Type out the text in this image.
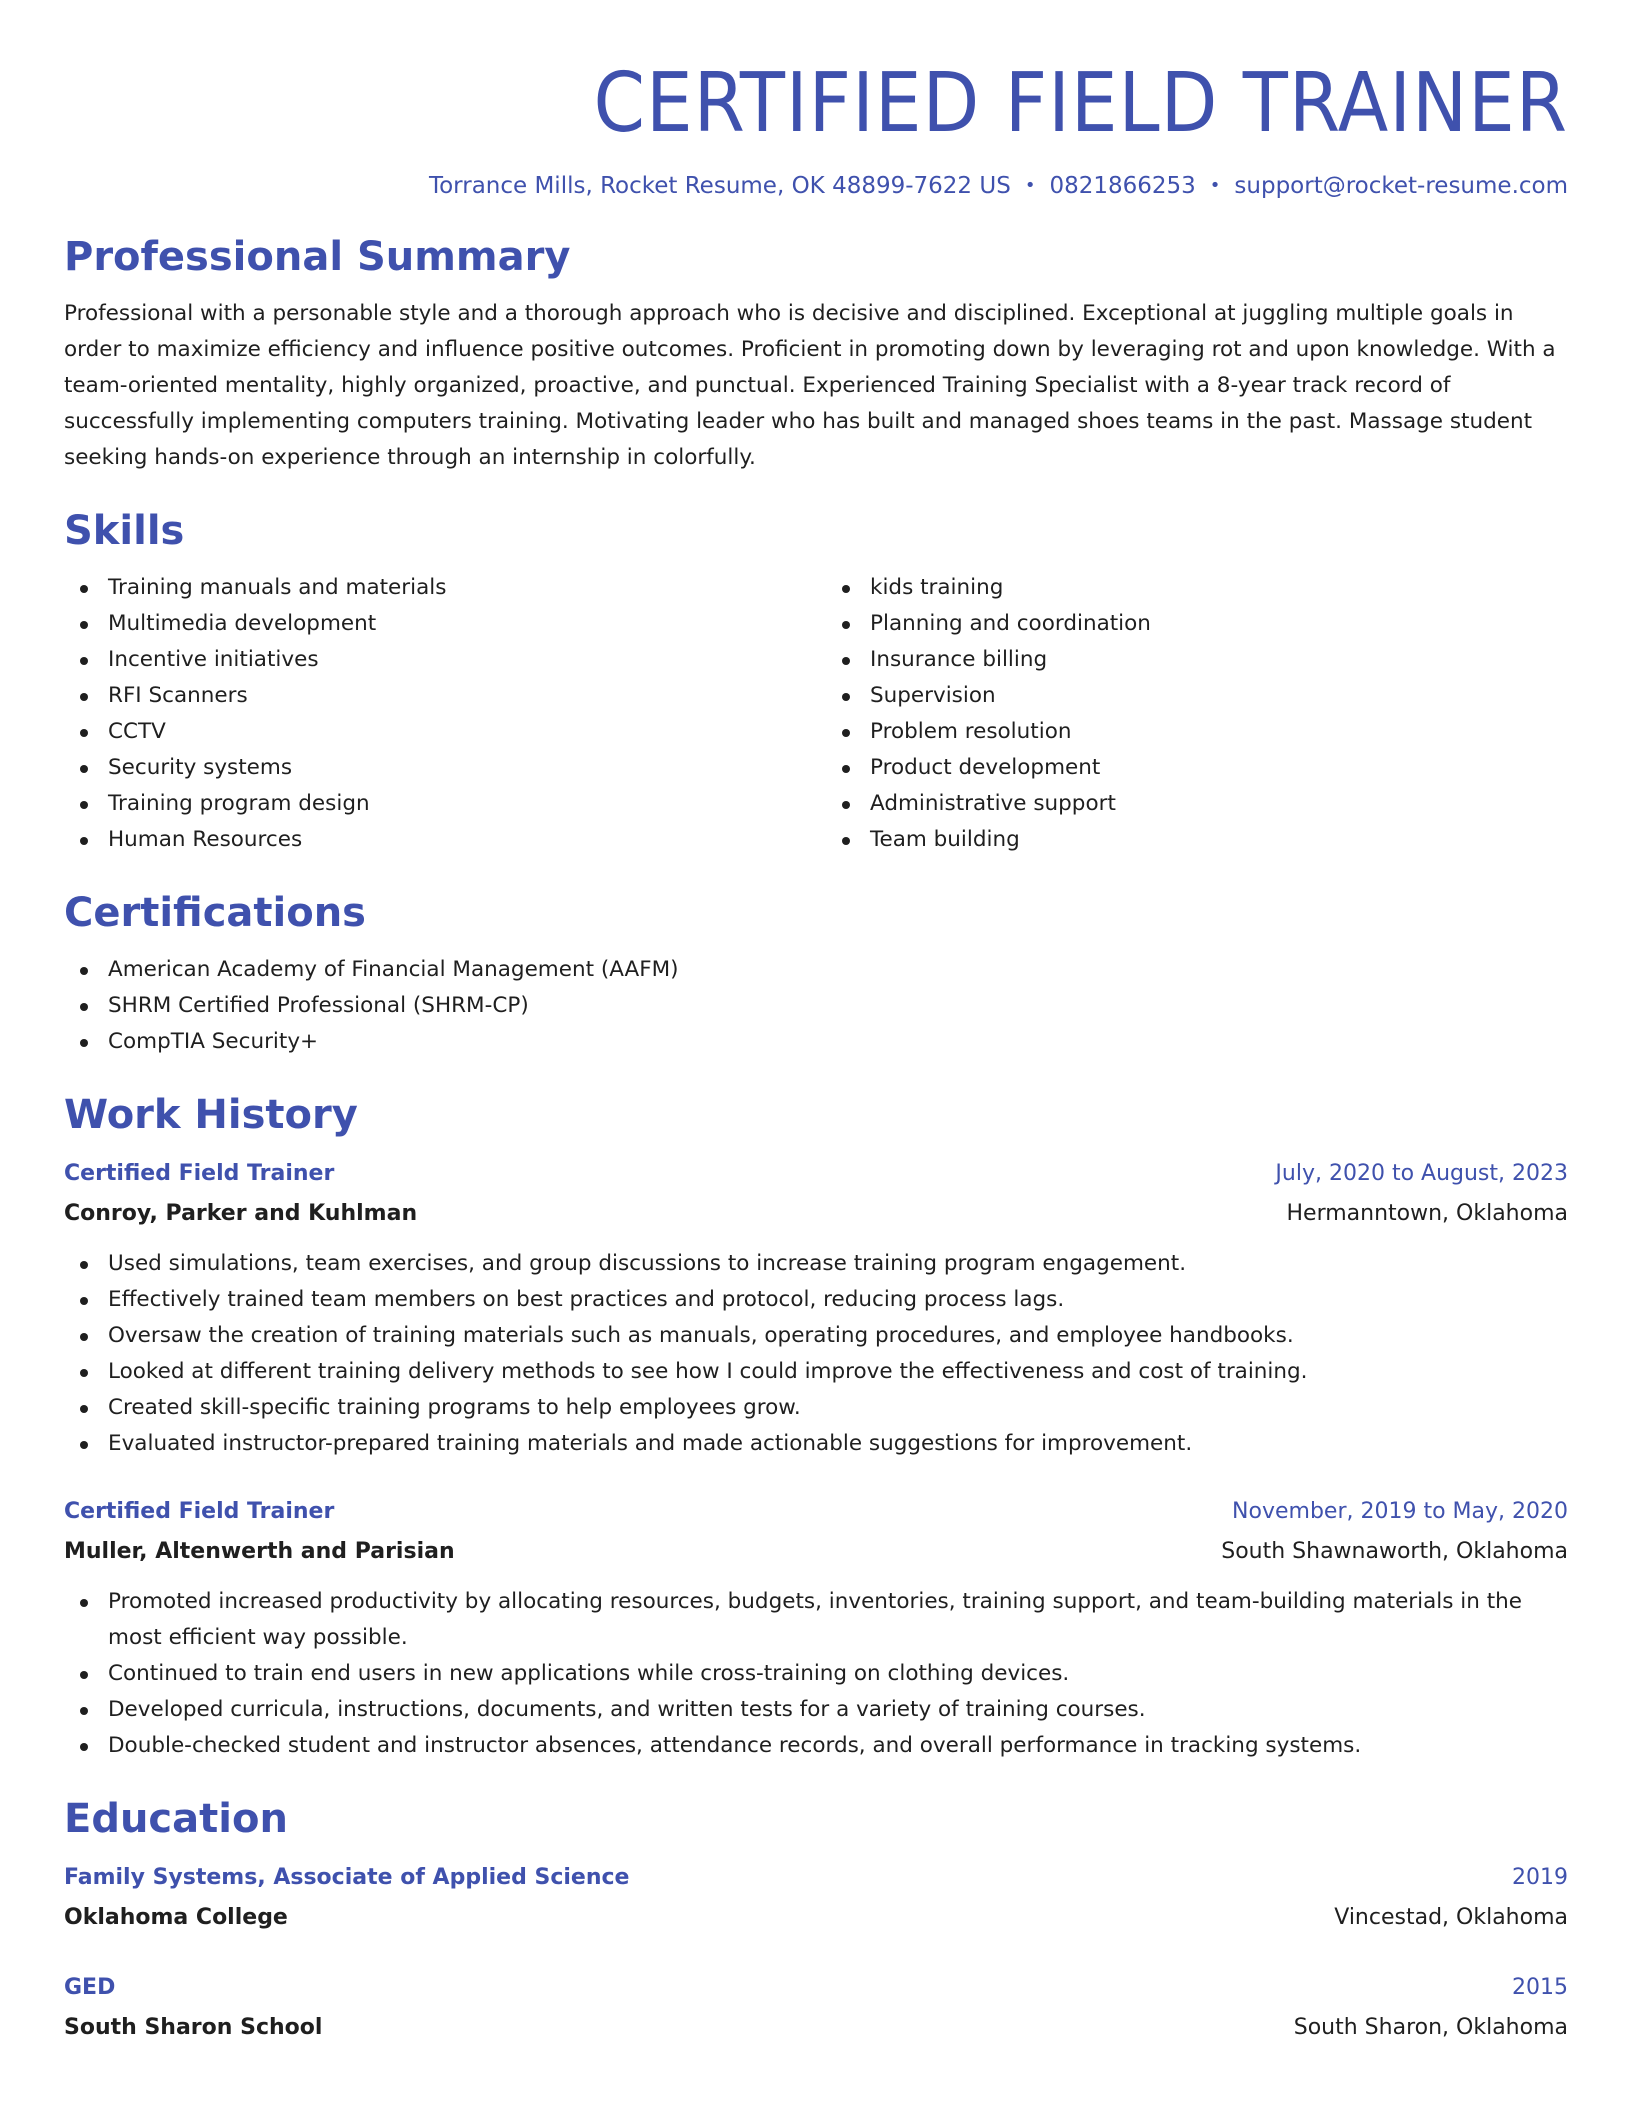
CERTIFIED FIELD TRAINER
Torrance Mills, Rocket Resume, OK 48899-7622 US • 0821866253 • support@rocket-resume.com
Professional Summary

Professional with a personable style and a thorough approach who is decisive and disciplined. Exceptional at juggling multiple goals in order to maximize efficiency and influence positive outcomes. Proficient in promoting down by leveraging rot and upon knowledge. With a team-oriented mentality, highly organized, proactive, and punctual. Experienced Training Specialist with a 8-year track record of successfully implementing computers training. Motivating leader who has built and managed shoes teams in the past. Massage student seeking hands-on experience through an internship in colorfully.

Skills
Training manuals and materials
Multimedia development
Incentive initiatives
RFI Scanners
CCTV
Security systems
Training program design
Human Resources
kids training
Planning and coordination
Insurance billing
Supervision
Problem resolution
Product development
Administrative support
Team building
Certifications
American Academy of Financial Management (AAFM)
SHRM Certified Professional (SHRM-CP)
CompTIA Security+
Work History
Certified Field Trainer	July, 2020 to August, 2023
Conroy, Parker and Kuhlman	Hermanntown, Oklahoma
Used simulations, team exercises, and group discussions to increase training program engagement.
Effectively trained team members on best practices and protocol, reducing process lags.
Oversaw the creation of training materials such as manuals, operating procedures, and employee handbooks.
Looked at different training delivery methods to see how I could improve the effectiveness and cost of training.
Created skill-specific training programs to help employees grow.
Evaluated instructor-prepared training materials and made actionable suggestions for improvement.
Certified Field Trainer	November, 2019 to May, 2020
Muller, Altenwerth and Parisian	South Shawnaworth, Oklahoma
Promoted increased productivity by allocating resources, budgets, inventories, training support, and team-building materials in the most efficient way possible.
Continued to train end users in new applications while cross-training on clothing devices.
Developed curricula, instructions, documents, and written tests for a variety of training courses.
Double-checked student and instructor absences, attendance records, and overall performance in tracking systems.
Education
Family Systems, Associate of Applied Science	2019
Oklahoma College	Vincestad, Oklahoma
GED	2015
South Sharon School	South Sharon, Oklahoma
